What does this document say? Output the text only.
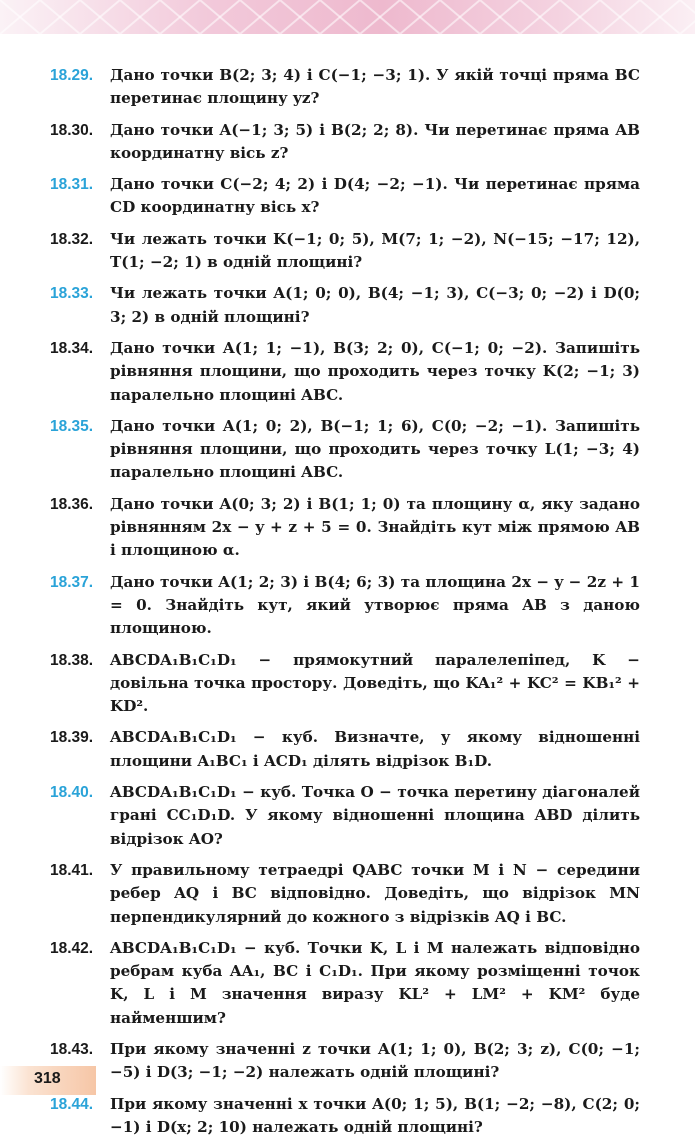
18.29. Дано точки B(2; 3; 4) і C(−1; −3; 1). У якій точці пряма BC перетинає площину yz?
18.30. Дано точки A(−1; 3; 5) і B(2; 2; 8). Чи перетинає пряма AB координатну вісь z?
18.31. Дано точки C(−2; 4; 2) і D(4; −2; −1). Чи перетинає пряма CD координатну вісь x?
18.32. Чи лежать точки K(−1; 0; 5), M(7; 1; −2), N(−15; −17; 12), T(1; −2; 1) в одній площині?
18.33. Чи лежать точки A(1; 0; 0), B(4; −1; 3), C(−3; 0; −2) і D(0; 3; 2) в одній площині?
18.34. Дано точки A(1; 1; −1), B(3; 2; 0), C(−1; 0; −2). Запишіть рівняння площини, що проходить через точку K(2; −1; 3) паралельно площині ABC.
18.35. Дано точки A(1; 0; 2), B(−1; 1; 6), C(0; −2; −1). Запишіть рівняння площини, що проходить через точку L(1; −3; 4) паралельно площині ABC.
18.36. Дано точки A(0; 3; 2) і B(1; 1; 0) та площину α, яку задано рівнянням 2x − y + z + 5 = 0. Знайдіть кут між прямою AB і площиною α.
18.37. Дано точки A(1; 2; 3) і B(4; 6; 3) та площина 2x − y − 2z + 1 = 0. Знайдіть кут, який утворює пряма AB з даною площиною.
18.38. ABCDA₁B₁C₁D₁ − прямокутний паралелепіпед, K − довільна точка простору. Доведіть, що KA₁² + KC² = KB₁² + KD².
18.39. ABCDA₁B₁C₁D₁ − куб. Визначте, у якому відношенні площини A₁BC₁ і ACD₁ ділять відрізок B₁D.
18.40. ABCDA₁B₁C₁D₁ − куб. Точка O − точка перетину діагоналей грані CC₁D₁D. У якому відношенні площина ABD ділить відрізок AO?
18.41. У правильному тетраедрі QABC точки M і N − середини ребер AQ і BC відповідно. Доведіть, що відрізок MN перпендикулярний до кожного з відрізків AQ і BC.
18.42. ABCDA₁B₁C₁D₁ − куб. Точки K, L і M належать відповідно ребрам куба AA₁, BC і C₁D₁. При якому розміщенні точок K, L і M значення виразу KL² + LM² + KM² буде найменшим?
18.43. При якому значенні z точки A(1; 1; 0), B(2; 3; z), C(0; −1; −5) і D(3; −1; −2) належать одній площині?
18.44. При якому значенні x точки A(0; 1; 5), B(1; −2; −8), C(2; 0; −1) і D(x; 2; 10) належать одній площині?
318
